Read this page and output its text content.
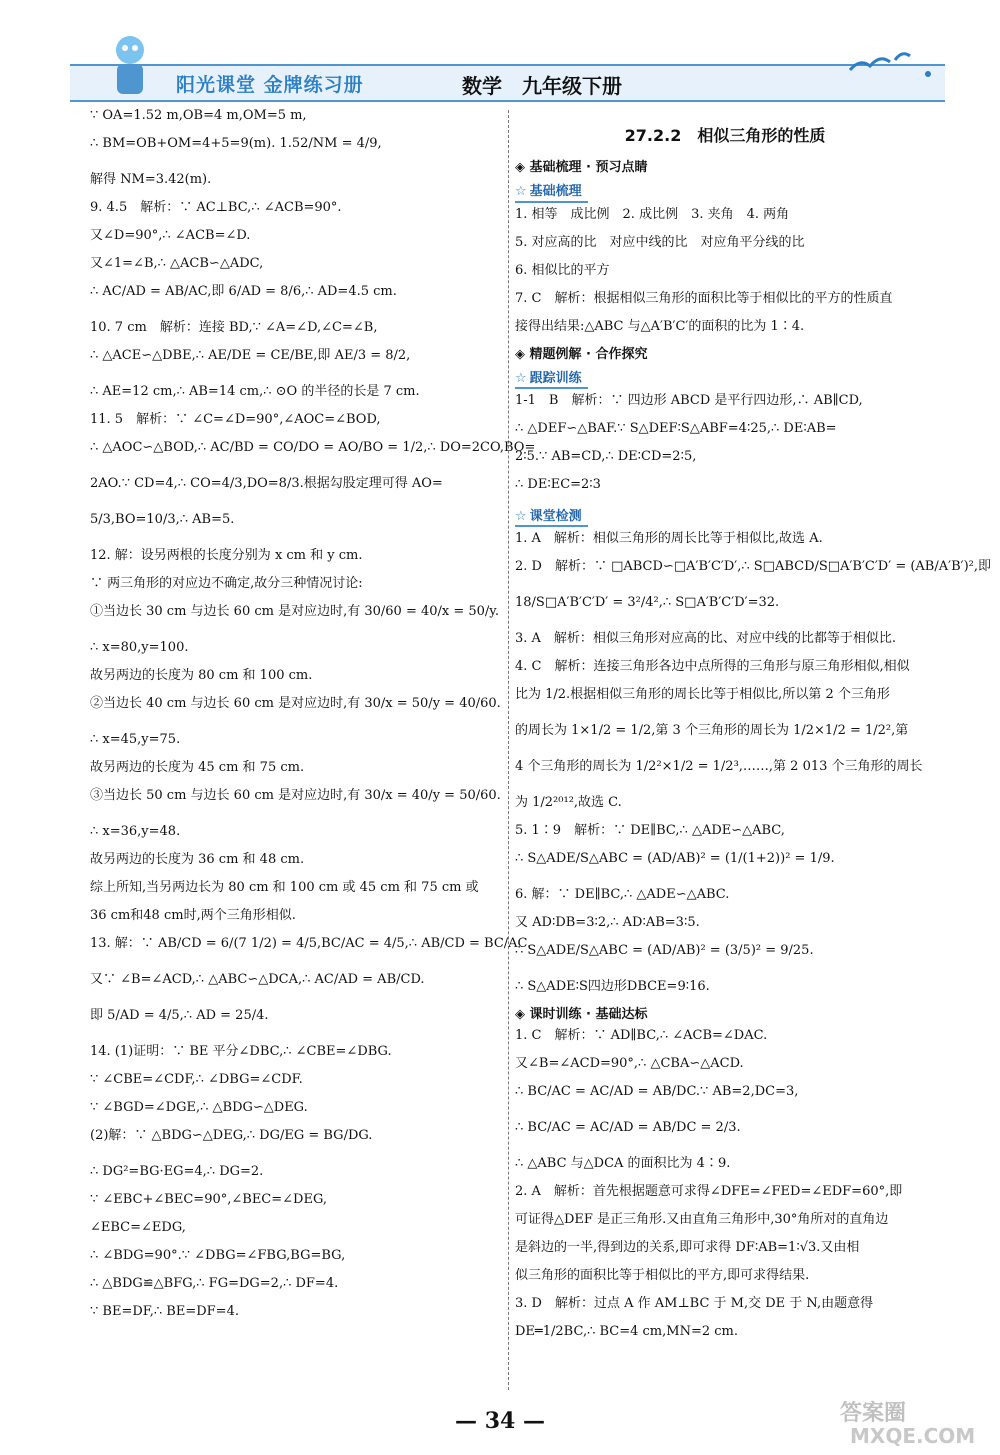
阳光课堂 金牌练习册	数学　九年级下册

∵ OA=1.52 m,OB=4 m,OM=5 m,

∴ BM=OB+OM=4+5=9(m). 1.52/NM = 4/9,

解得 NM=3.42(m).

9. 4.5　解析：∵ AC⊥BC,∴ ∠ACB=90°.

又∠D=90°,∴ ∠ACB=∠D.

又∠1=∠B,∴ △ACB∽△ADC,

∴ AC/AD = AB/AC,即 6/AD = 8/6,∴ AD=4.5 cm.

10. 7 cm　解析：连接 BD,∵ ∠A=∠D,∠C=∠B,

∴ △ACE∽△DBE,∴ AE/DE = CE/BE,即 AE/3 = 8/2,

∴ AE=12 cm,∴ AB=14 cm,∴ ⊙O 的半径的长是 7 cm.

11. 5　解析：∵ ∠C=∠D=90°,∠AOC=∠BOD,

∴ △AOC∽△BOD,∴ AC/BD = CO/DO = AO/BO = 1/2,∴ DO=2CO,BO=

2AO.∵ CD=4,∴ CO=4/3,DO=8/3.根据勾股定理可得 AO=

5/3,BO=10/3,∴ AB=5.

12. 解：设另两根的长度分别为 x cm 和 y cm.

∵ 两三角形的对应边不确定,故分三种情况讨论:

①当边长 30 cm 与边长 60 cm 是对应边时,有 30/60 = 40/x = 50/y.

∴ x=80,y=100.

故另两边的长度为 80 cm 和 100 cm.

②当边长 40 cm 与边长 60 cm 是对应边时,有 30/x = 50/y = 40/60.

∴ x=45,y=75.

故另两边的长度为 45 cm 和 75 cm.

③当边长 50 cm 与边长 60 cm 是对应边时,有 30/x = 40/y = 50/60.

∴ x=36,y=48.

故另两边的长度为 36 cm 和 48 cm.

综上所知,当另两边长为 80 cm 和 100 cm 或 45 cm 和 75 cm 或

36 cm和48 cm时,两个三角形相似.

13. 解：∵ AB/CD = 6/(7 1/2) = 4/5,BC/AC = 4/5,∴ AB/CD = BC/AC.

又∵ ∠B=∠ACD,∴ △ABC∽△DCA,∴ AC/AD = AB/CD.

即 5/AD = 4/5,∴ AD = 25/4.

14. (1)证明：∵ BE 平分∠DBC,∴ ∠CBE=∠DBG.

∵ ∠CBE=∠CDF,∴ ∠DBG=∠CDF.

∵ ∠BGD=∠DGE,∴ △BDG∽△DEG.

(2)解：∵ △BDG∽△DEG,∴ DG/EG = BG/DG.

∴ DG²=BG·EG=4,∴ DG=2.

∵ ∠EBC+∠BEC=90°,∠BEC=∠DEG,

∠EBC=∠EDG,

∴ ∠BDG=90°.∵ ∠DBG=∠FBG,BG=BG,

∴ △BDG≌△BFG,∴ FG=DG=2,∴ DF=4.

∵ BE=DF,∴ BE=DF=4.

27.2.2　相似三角形的性质
◈ 基础梳理 · 预习点睛
☆ 基础梳理

1. 相等　成比例　2. 成比例　3. 夹角　4. 两角

5. 对应高的比　对应中线的比　对应角平分线的比

6. 相似比的平方

7. C　解析：根据相似三角形的面积比等于相似比的平方的性质直

接得出结果:△ABC 与△A′B′C′的面积的比为 1∶4.

◈ 精题例解 · 合作探究
☆ 跟踪训练

1-1　B　解析：∵ 四边形 ABCD 是平行四边形,∴ AB∥CD,

∴ △DEF∽△BAF.∵ S△DEF∶S△ABF=4∶25,∴ DE∶AB=

2∶5.∵ AB=CD,∴ DE∶CD=2∶5,

∴ DE∶EC=2∶3

☆ 课堂检测

1. A　解析：相似三角形的周长比等于相似比,故选 A.

2. D　解析：∵ □ABCD∽□A′B′C′D′,∴ S□ABCD/S□A′B′C′D′ = (AB/A′B′)²,即

18/S□A′B′C′D′ = 3²/4²,∴ S□A′B′C′D′=32.

3. A　解析：相似三角形对应高的比、对应中线的比都等于相似比.

4. C　解析：连接三角形各边中点所得的三角形与原三角形相似,相似

比为 1/2.根据相似三角形的周长比等于相似比,所以第 2 个三角形

的周长为 1×1/2 = 1/2,第 3 个三角形的周长为 1/2×1/2 = 1/2²,第

4 个三角形的周长为 1/2²×1/2 = 1/2³,……,第 2 013 个三角形的周长

为 1/2²⁰¹²,故选 C.

5. 1∶9　解析：∵ DE∥BC,∴ △ADE∽△ABC,

∴ S△ADE/S△ABC = (AD/AB)² = (1/(1+2))² = 1/9.

6. 解：∵ DE∥BC,∴ △ADE∽△ABC.

又 AD∶DB=3∶2,∴ AD∶AB=3∶5.

∴ S△ADE/S△ABC = (AD/AB)² = (3/5)² = 9/25.

∴ S△ADE∶S四边形DBCE=9∶16.

◈ 课时训练 · 基础达标

1. C　解析：∵ AD∥BC,∴ ∠ACB=∠DAC.

又∠B=∠ACD=90°,∴ △CBA∽△ACD.

∴ BC/AC = AC/AD = AB/DC.∵ AB=2,DC=3,

∴ BC/AC = AC/AD = AB/DC = 2/3.

∴ △ABC 与△DCA 的面积比为 4∶9.

2. A　解析：首先根据题意可求得∠DFE=∠FED=∠EDF=60°,即

可证得△DEF 是正三角形.又由直角三角形中,30°角所对的直角边

是斜边的一半,得到边的关系,即可求得 DF∶AB=1∶√3.又由相

似三角形的面积比等于相似比的平方,即可求得结果.

3. D　解析：过点 A 作 AM⊥BC 于 M,交 DE 于 N,由题意得

DE═1/2BC,∴ BC=4 cm,MN=2 cm.

— 34 —	答案圈
MXQE.COM
